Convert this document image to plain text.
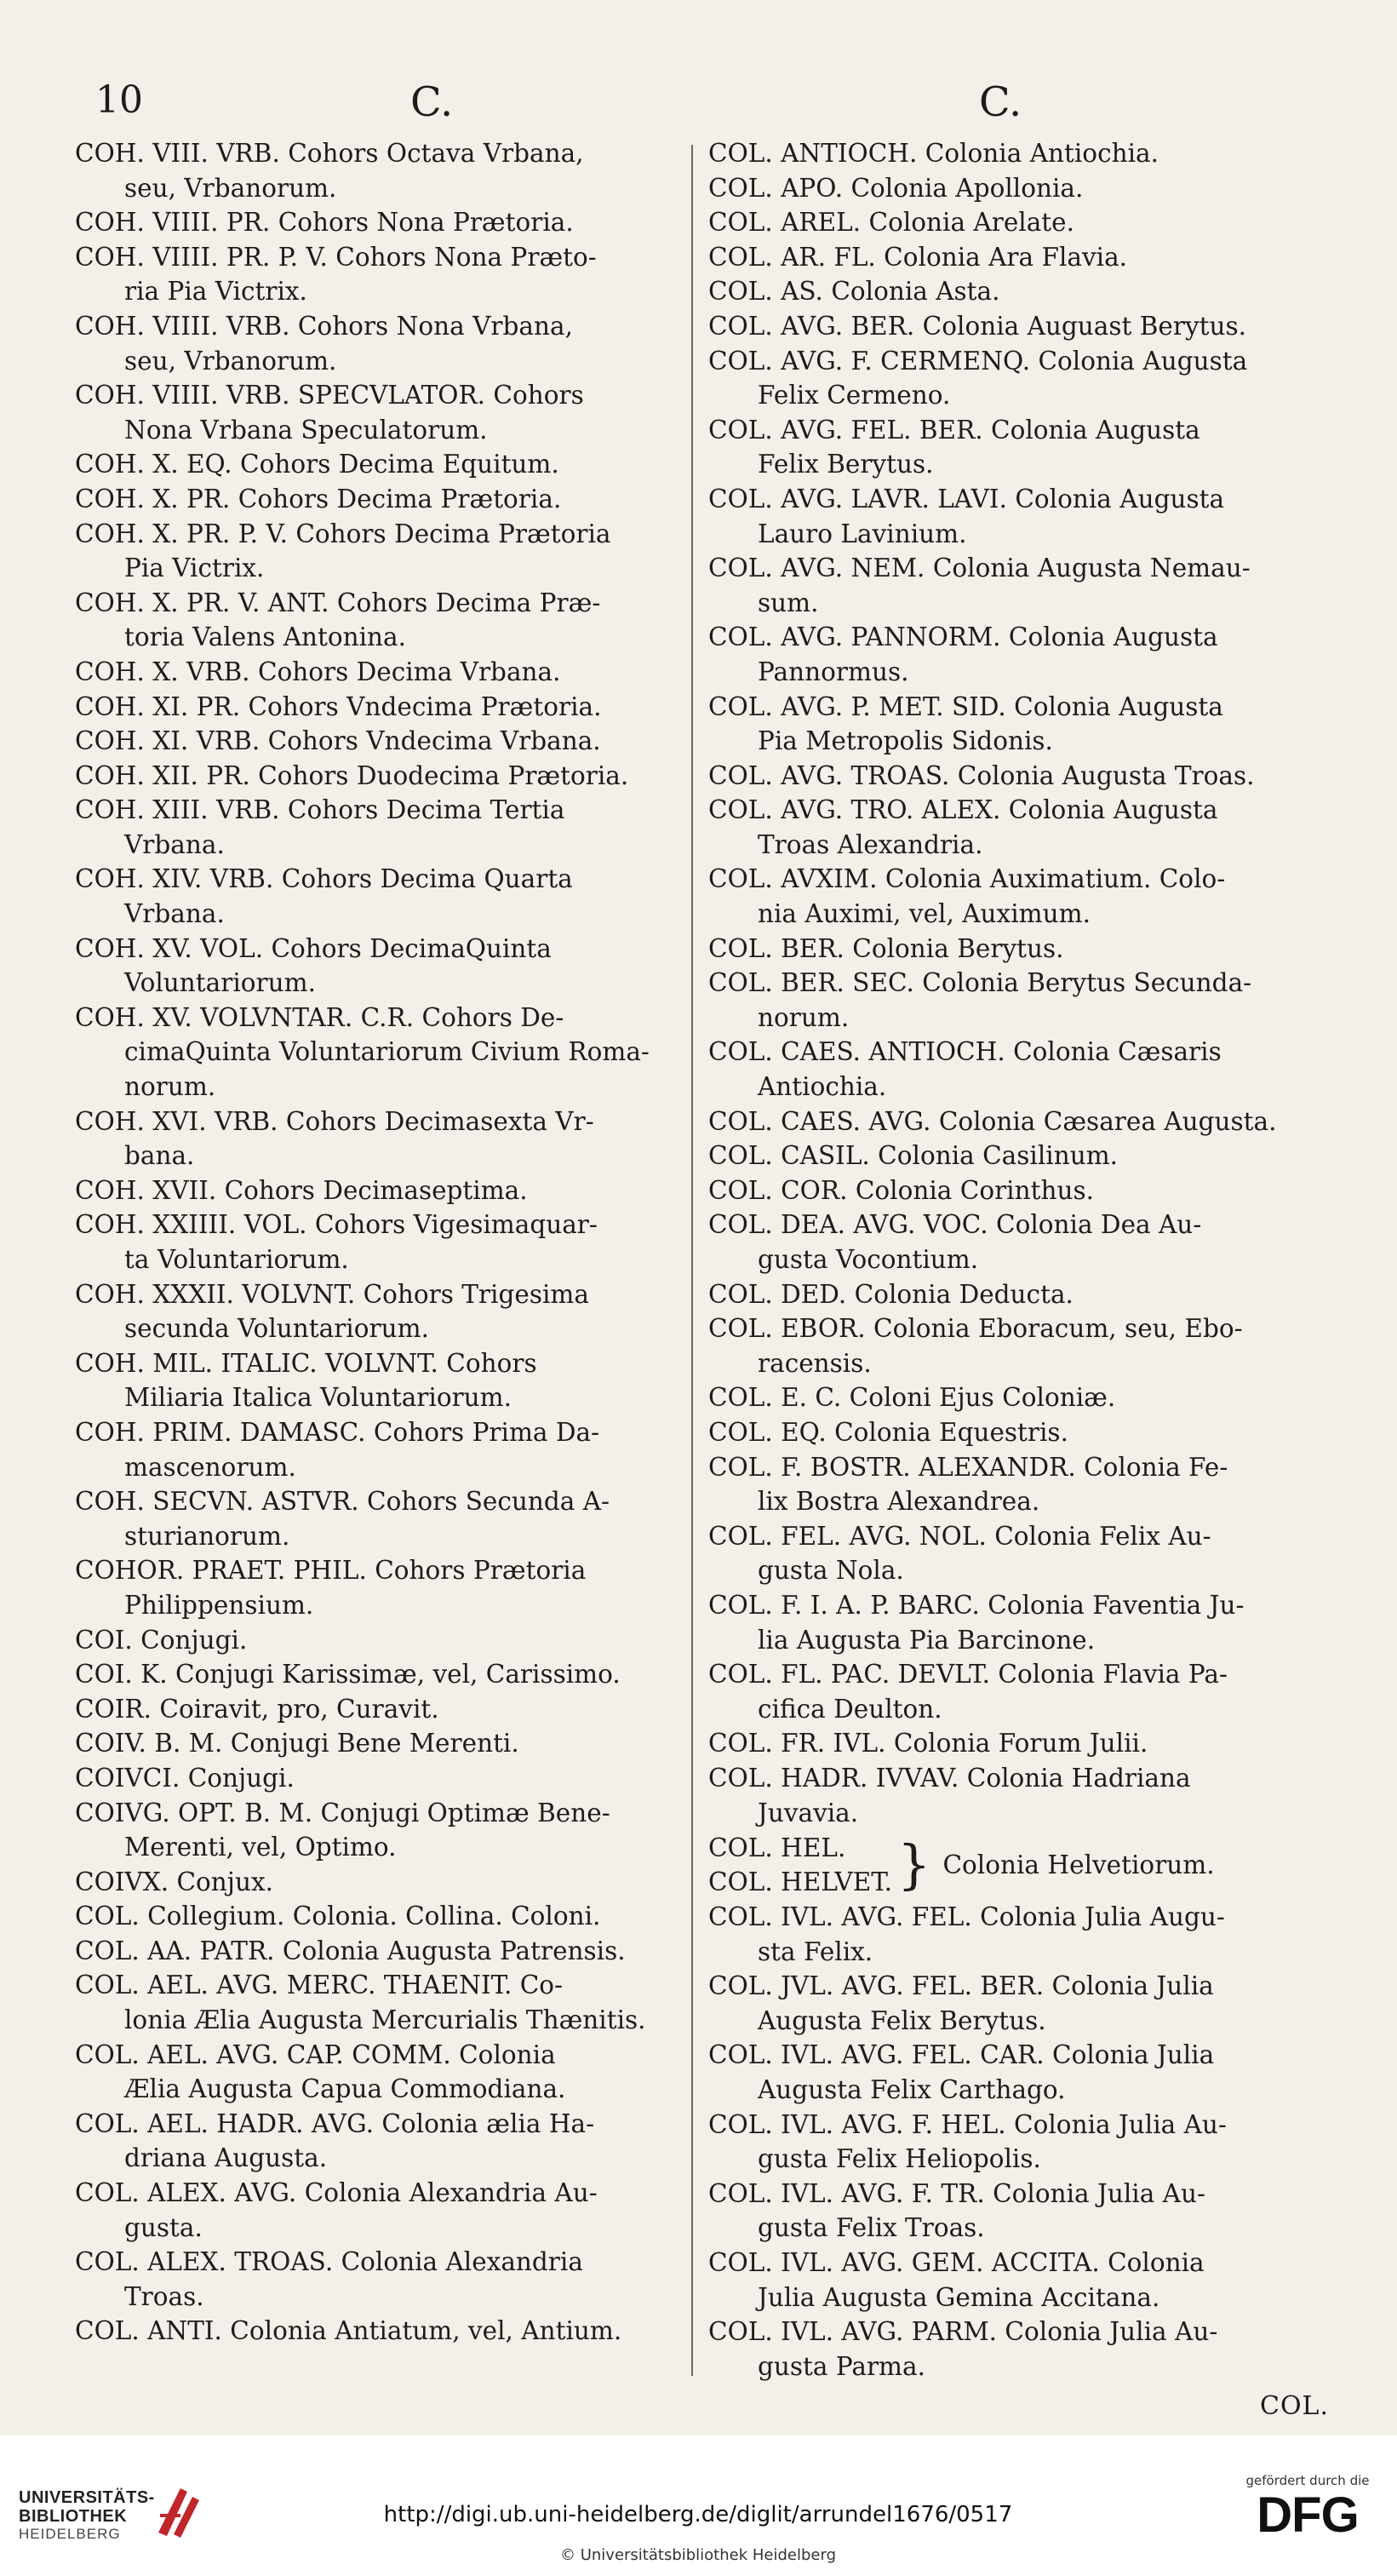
10	C.	C.
COH. VIII. VRB. Cohors Octava Vrbana,
seu, Vrbanorum.
COH. VIIII. PR. Cohors Nona Prætoria.
COH. VIIII. PR. P. V. Cohors Nona Præto-
ria Pia Victrix.
COH. VIIII. VRB. Cohors Nona Vrbana,
seu, Vrbanorum.
COH. VIIII. VRB. SPECVLATOR. Cohors
Nona Vrbana Speculatorum.
COH. X. EQ. Cohors Decima Equitum.
COH. X. PR. Cohors Decima Prætoria.
COH. X. PR. P. V. Cohors Decima Prætoria
Pia Victrix.
COH. X. PR. V. ANT. Cohors Decima Præ-
toria Valens Antonina.
COH. X. VRB. Cohors Decima Vrbana.
COH. XI. PR. Cohors Vndecima Prætoria.
COH. XI. VRB. Cohors Vndecima Vrbana.
COH. XII. PR. Cohors Duodecima Prætoria.
COH. XIII. VRB. Cohors Decima Tertia
Vrbana.
COH. XIV. VRB. Cohors Decima Quarta
Vrbana.
COH. XV. VOL. Cohors DecimaQuinta
Voluntariorum.
COH. XV. VOLVNTAR. C.R. Cohors De-
cimaQuinta Voluntariorum Civium Roma-
norum.
COH. XVI. VRB. Cohors Decimasexta Vr-
bana.
COH. XVII. Cohors Decimaseptima.
COH. XXIIII. VOL. Cohors Vigesimaquar-
ta Voluntariorum.
COH. XXXII. VOLVNT. Cohors Trigesima
secunda Voluntariorum.
COH. MIL. ITALIC. VOLVNT. Cohors
Miliaria Italica Voluntariorum.
COH. PRIM. DAMASC. Cohors Prima Da-
mascenorum.
COH. SECVN. ASTVR. Cohors Secunda A-
sturianorum.
COHOR. PRAET. PHIL. Cohors Prætoria
Philippensium.
COI. Conjugi.
COI. K. Conjugi Karissimæ, vel, Carissimo.
COIR. Coiravit, pro, Curavit.
COIV. B. M. Conjugi Bene Merenti.
COIVCI. Conjugi.
COIVG. OPT. B. M. Conjugi Optimæ Bene-
Merenti, vel, Optimo.
COIVX. Conjux.
COL. Collegium. Colonia. Collina. Coloni.
COL. AA. PATR. Colonia Augusta Patrensis.
COL. AEL. AVG. MERC. THAENIT. Co-
lonia Ælia Augusta Mercurialis Thænitis.
COL. AEL. AVG. CAP. COMM. Colonia
Ælia Augusta Capua Commodiana.
COL. AEL. HADR. AVG. Colonia ælia Ha-
driana Augusta.
COL. ALEX. AVG. Colonia Alexandria Au-
gusta.
COL. ALEX. TROAS. Colonia Alexandria
Troas.
COL. ANTI. Colonia Antiatum, vel, Antium.
COL. ANTIOCH. Colonia Antiochia.
COL. APO. Colonia Apollonia.
COL. AREL. Colonia Arelate.
COL. AR. FL. Colonia Ara Flavia.
COL. AS. Colonia Asta.
COL. AVG. BER. Colonia Auguast Berytus.
COL. AVG. F. CERMENQ. Colonia Augusta
Felix Cermeno.
COL. AVG. FEL. BER. Colonia Augusta
Felix Berytus.
COL. AVG. LAVR. LAVI. Colonia Augusta
Lauro Lavinium.
COL. AVG. NEM. Colonia Augusta Nemau-
sum.
COL. AVG. PANNORM. Colonia Augusta
Pannormus.
COL. AVG. P. MET. SID. Colonia Augusta
Pia Metropolis Sidonis.
COL. AVG. TROAS. Colonia Augusta Troas.
COL. AVG. TRO. ALEX. Colonia Augusta
Troas Alexandria.
COL. AVXIM. Colonia Auximatium. Colo-
nia Auximi, vel, Auximum.
COL. BER. Colonia Berytus.
COL. BER. SEC. Colonia Berytus Secunda-
norum.
COL. CAES. ANTIOCH. Colonia Cæsaris
Antiochia.
COL. CAES. AVG. Colonia Cæsarea Augusta.
COL. CASIL. Colonia Casilinum.
COL. COR. Colonia Corinthus.
COL. DEA. AVG. VOC. Colonia Dea Au-
gusta Vocontium.
COL. DED. Colonia Deducta.
COL. EBOR. Colonia Eboracum, seu, Ebo-
racensis.
COL. E. C. Coloni Ejus Coloniæ.
COL. EQ. Colonia Equestris.
COL. F. BOSTR. ALEXANDR. Colonia Fe-
lix Bostra Alexandrea.
COL. FEL. AVG. NOL. Colonia Felix Au-
gusta Nola.
COL. F. I. A. P. BARC. Colonia Faventia Ju-
lia Augusta Pia Barcinone.
COL. FL. PAC. DEVLT. Colonia Flavia Pa-
cifica Deulton.
COL. FR. IVL. Colonia Forum Julii.
COL. HADR. IVVAV. Colonia Hadriana
Juvavia.
COL. HEL.
COL. HELVET. } Colonia Helvetiorum.
COL. IVL. AVG. FEL. Colonia Julia Augu-
sta Felix.
COL. JVL. AVG. FEL. BER. Colonia Julia
Augusta Felix Berytus.
COL. IVL. AVG. FEL. CAR. Colonia Julia
Augusta Felix Carthago.
COL. IVL. AVG. F. HEL. Colonia Julia Au-
gusta Felix Heliopolis.
COL. IVL. AVG. F. TR. Colonia Julia Au-
gusta Felix Troas.
COL. IVL. AVG. GEM. ACCITA. Colonia
Julia Augusta Gemina Accitana.
COL. IVL. AVG. PARM. Colonia Julia Au-
gusta Parma.
COL.
UNIVERSITÄTS-
BIBLIOTHEK
HEIDELBERG
http://digi.ub.uni-heidelberg.de/diglit/arrundel1676/0517
© Universitätsbibliothek Heidelberg
gefördert durch die
DFG
